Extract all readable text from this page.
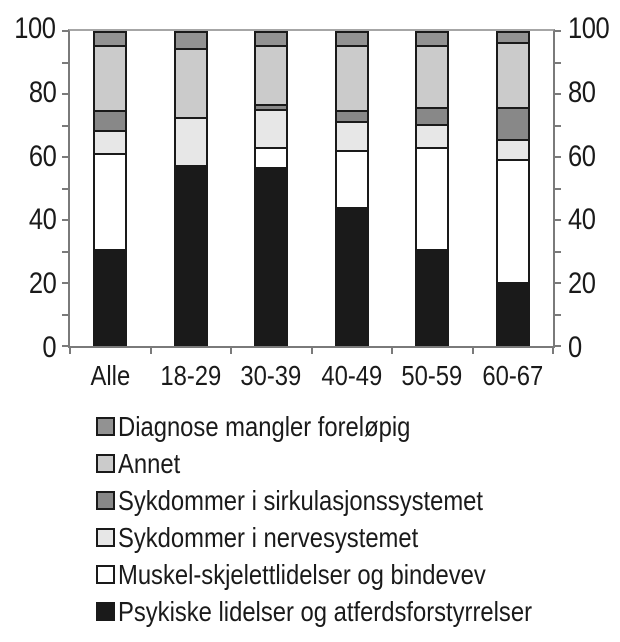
0
20
40
60
80
100
0
20
40
60
80
100
Alle	18-29 30-39 40-49 50-59 60-67
Diagnose mangler foreløpig
Annet
Sykdommer i sirkulasjonssystemet
Sykdommer i nervesystemet
Muskel-skjelettlidelser og bindevev
Psykiske lidelser og atferdsforstyrrelser
